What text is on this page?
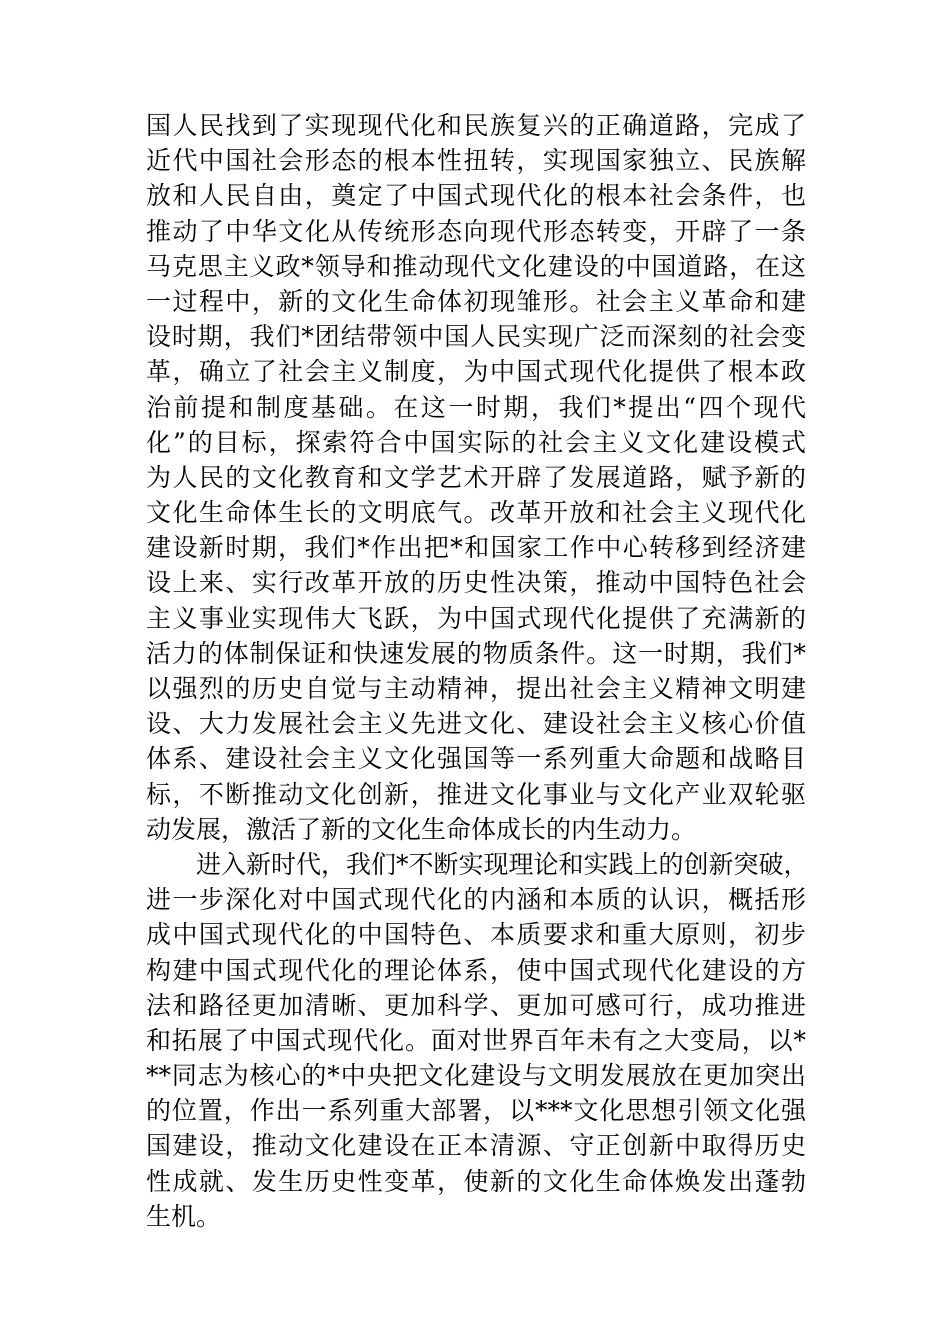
国人民找到了实现现代化和民族复兴的正确道路，完成了
近代中国社会形态的根本性扭转，实现国家独立、民族解
放和人民自由，奠定了中国式现代化的根本社会条件，也
推动了中华文化从传统形态向现代形态转变，开辟了一条
马克思主义政*领导和推动现代文化建设的中国道路，在这
一过程中，新的文化生命体初现雏形。社会主义革命和建
设时期，我们*团结带领中国人民实现广泛而深刻的社会变
革，确立了社会主义制度，为中国式现代化提供了根本政
治前提和制度基础。在这一时期，我们*提出“四个现代
化”的目标，探索符合中国实际的社会主义文化建设模式
为人民的文化教育和文学艺术开辟了发展道路，赋予新的
文化生命体生长的文明底气。改革开放和社会主义现代化
建设新时期，我们*作出把*和国家工作中心转移到经济建
设上来、实行改革开放的历史性决策，推动中国特色社会
主义事业实现伟大飞跃，为中国式现代化提供了充满新的
活力的体制保证和快速发展的物质条件。这一时期，我们*
以强烈的历史自觉与主动精神，提出社会主义精神文明建
设、大力发展社会主义先进文化、建设社会主义核心价值
体系、建设社会主义文化强国等一系列重大命题和战略目
标，不断推动文化创新，推进文化事业与文化产业双轮驱
动发展，激活了新的文化生命体成长的内生动力。
进入新时代，我们*不断实现理论和实践上的创新突破，
进一步深化对中国式现代化的内涵和本质的认识，概括形
成中国式现代化的中国特色、本质要求和重大原则，初步
构建中国式现代化的理论体系，使中国式现代化建设的方
法和路径更加清晰、更加科学、更加可感可行，成功推进
和拓展了中国式现代化。面对世界百年未有之大变局，以*
**同志为核心的*中央把文化建设与文明发展放在更加突出
的位置，作出一系列重大部署，以***文化思想引领文化强
国建设，推动文化建设在正本清源、守正创新中取得历史
性成就、发生历史性变革，使新的文化生命体焕发出蓬勃
生机。
